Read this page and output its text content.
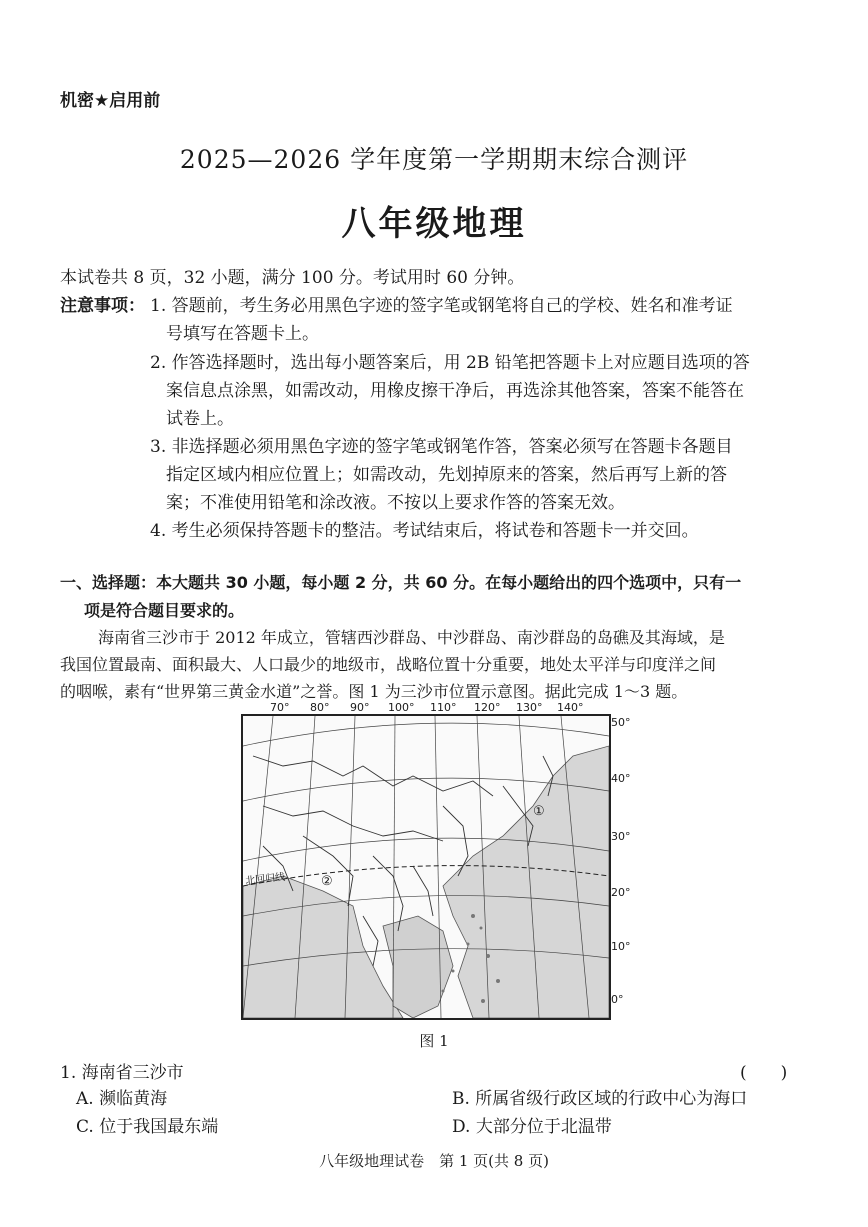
机密★启用前
2025—2026 学年度第一学期期末综合测评
八年级地理
本试卷共 8 页，32 小题，满分 100 分。考试用时 60 分钟。
注意事项： 1. 答题前，考生务必用黑色字迹的签字笔或钢笔将自己的学校、姓名和准考证
号填写在答题卡上。
2. 作答选择题时，选出每小题答案后，用 2B 铅笔把答题卡上对应题目选项的答
案信息点涂黑，如需改动，用橡皮擦干净后，再选涂其他答案，答案不能答在
试卷上。
3. 非选择题必须用黑色字迹的签字笔或钢笔作答，答案必须写在答题卡各题目
指定区域内相应位置上；如需改动，先划掉原来的答案，然后再写上新的答
案；不准使用铅笔和涂改液。不按以上要求作答的答案无效。
4. 考生必须保持答题卡的整洁。考试结束后，将试卷和答题卡一并交回。
一、选择题：本大题共 30 小题，每小题 2 分，共 60 分。在每小题给出的四个选项中，只有一
项是符合题目要求的。
海南省三沙市于 2012 年成立，管辖西沙群岛、中沙群岛、南沙群岛的岛礁及其海域，是
我国位置最南、面积最大、人口最少的地级市，战略位置十分重要，地处太平洋与印度洋之间
的咽喉，素有“世界第三黄金水道”之誉。图 1 为三沙市位置示意图。据此完成 1～3 题。
70° 80° 90° 100° 110° 120° 130° 140°
50°
40°
30°
20°
10°
0°
北回归线
①
②
图 1
1. 海南省三沙市	(　　)
A. 濒临黄海	B. 所属省级行政区域的行政中心为海口
C. 位于我国最东端	D. 大部分位于北温带
八年级地理试卷　第 1 页(共 8 页)
